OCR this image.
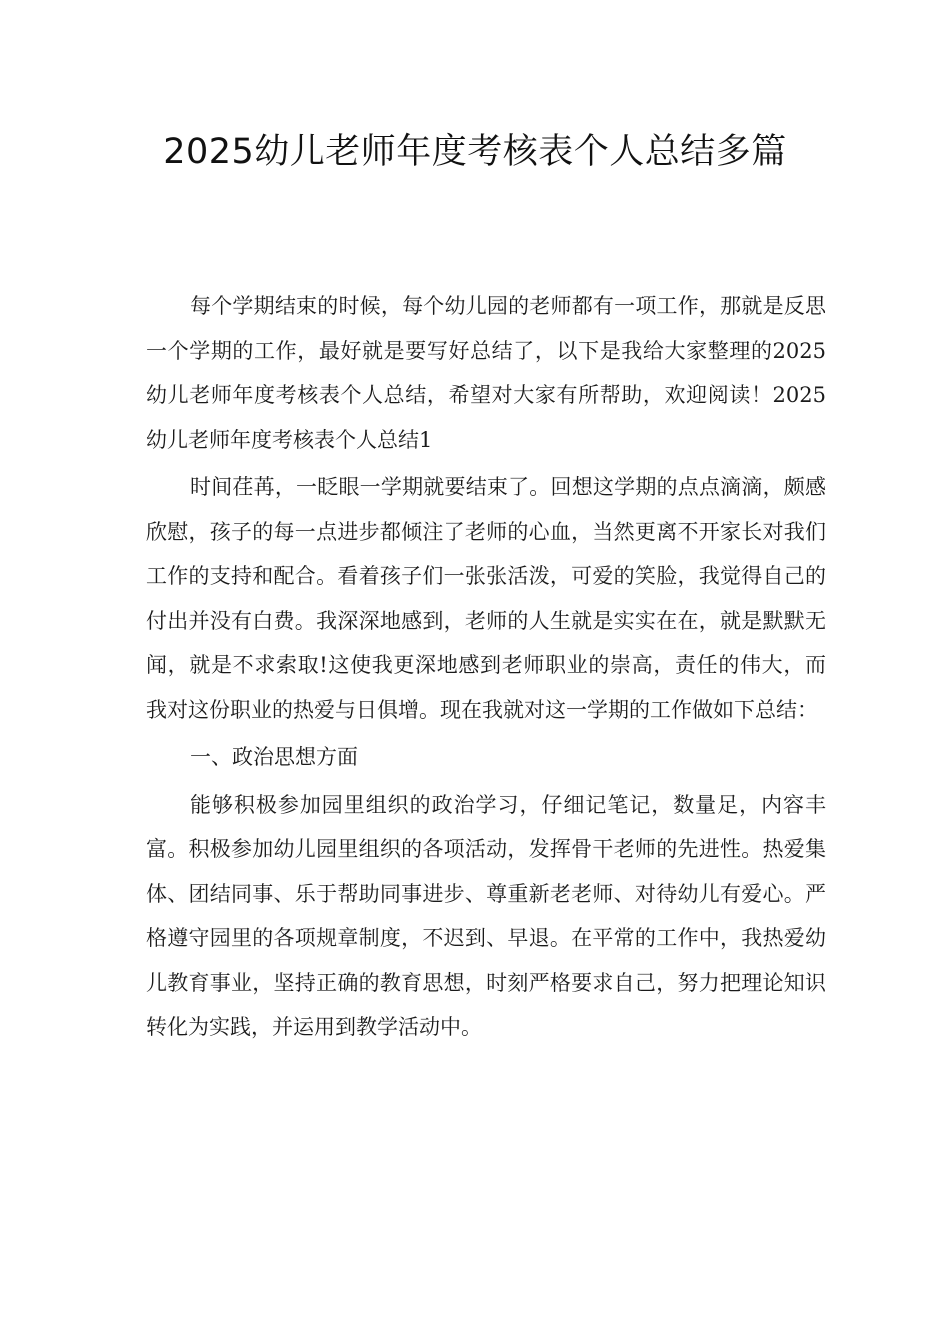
2025幼儿老师年度考核表个人总结多篇

每个学期结束的时候，每个幼儿园的老师都有一项工作，那就是反思一个学期的工作，最好就是要写好总结了，以下是我给大家整理的2025幼儿老师年度考核表个人总结，希望对大家有所帮助，欢迎阅读！2025幼儿老师年度考核表个人总结1

时间荏苒，一眨眼一学期就要结束了。回想这学期的点点滴滴，颇感欣慰，孩子的每一点进步都倾注了老师的心血，当然更离不开家长对我们工作的支持和配合。看着孩子们一张张活泼，可爱的笑脸，我觉得自己的付出并没有白费。我深深地感到，老师的人生就是实实在在，就是默默无闻，就是不求索取!这使我更深地感到老师职业的崇高，责任的伟大，而我对这份职业的热爱与日俱增。现在我就对这一学期的工作做如下总结：

一、政治思想方面

能够积极参加园里组织的政治学习，仔细记笔记，数量足，内容丰富。积极参加幼儿园里组织的各项活动，发挥骨干老师的先进性。热爱集体、团结同事、乐于帮助同事进步、尊重新老老师、对待幼儿有爱心。严格遵守园里的各项规章制度，不迟到、早退。在平常的工作中，我热爱幼儿教育事业，坚持正确的教育思想，时刻严格要求自己，努力把理论知识转化为实践，并运用到教学活动中。
